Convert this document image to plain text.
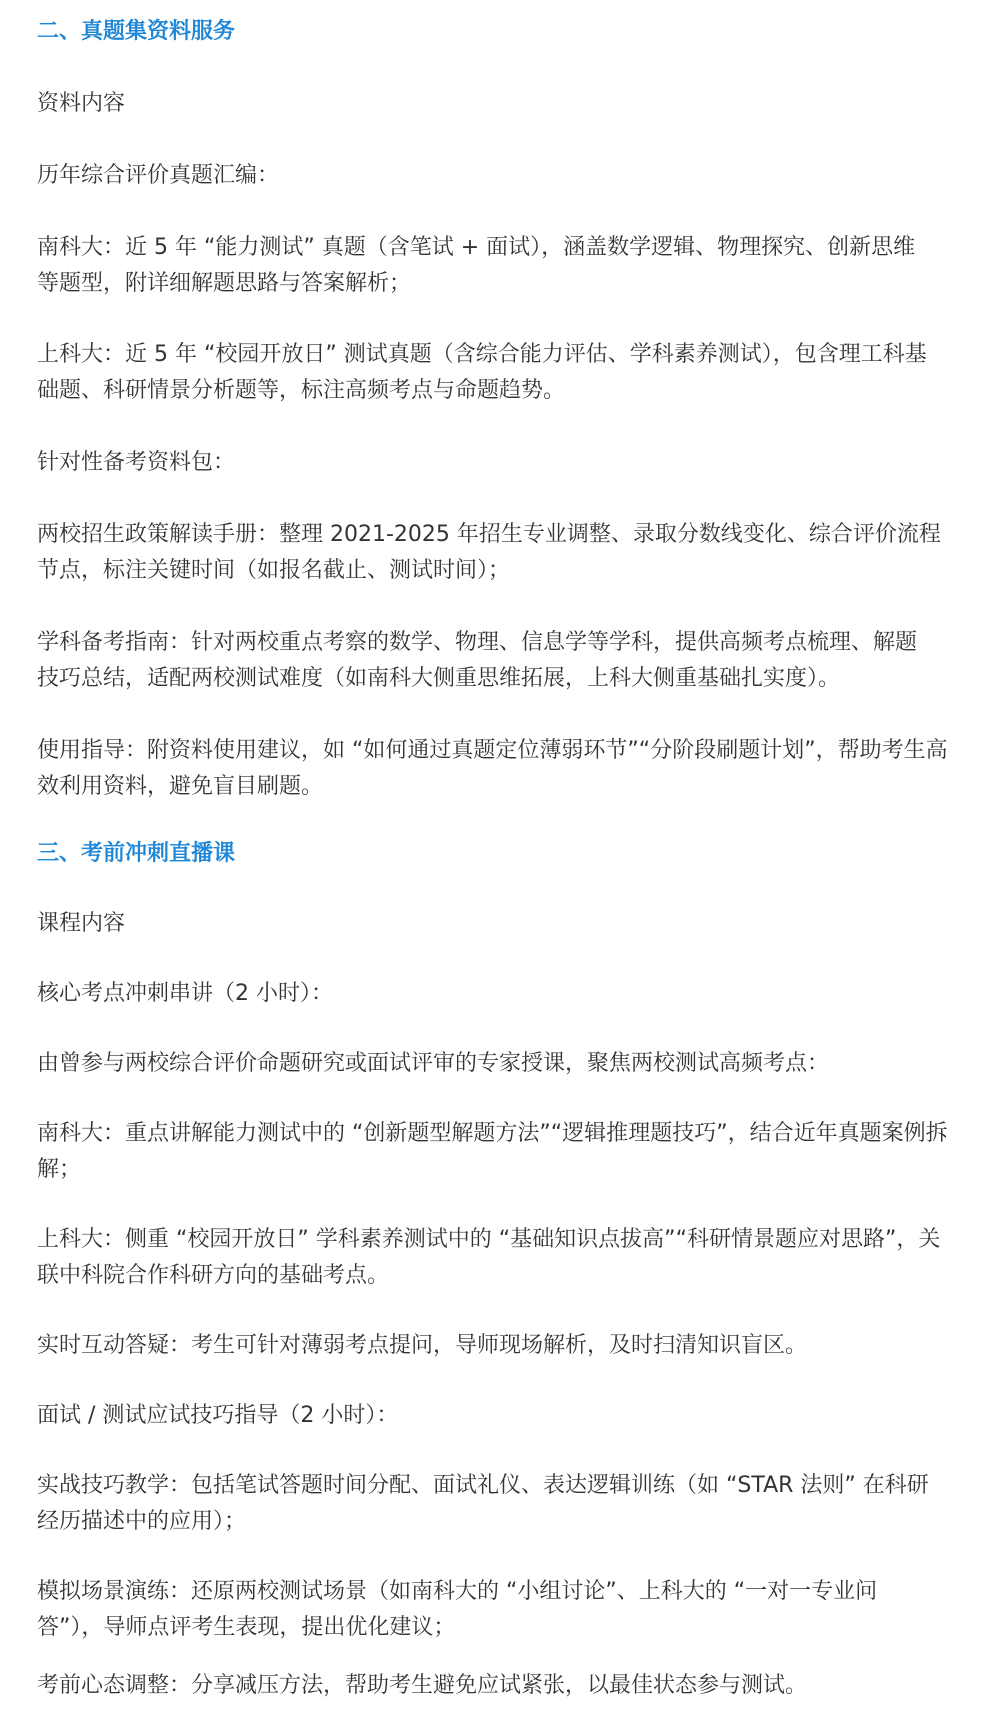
二、真题集资料服务
资料内容
历年综合评价真题汇编：
南科大：近 5 年 “能力测试” 真题（含笔试 + 面试），涵盖数学逻辑、物理探究、创新思维
等题型，附详细解题思路与答案解析；
上科大：近 5 年 “校园开放日” 测试真题（含综合能力评估、学科素养测试），包含理工科基
础题、科研情景分析题等，标注高频考点与命题趋势。
针对性备考资料包：
两校招生政策解读手册：整理 2021-2025 年招生专业调整、录取分数线变化、综合评价流程
节点，标注关键时间（如报名截止、测试时间）；
学科备考指南：针对两校重点考察的数学、物理、信息学等学科，提供高频考点梳理、解题
技巧总结，适配两校测试难度（如南科大侧重思维拓展，上科大侧重基础扎实度）。
使用指导：附资料使用建议，如 “如何通过真题定位薄弱环节”“分阶段刷题计划”，帮助考生高
效利用资料，避免盲目刷题。
三、考前冲刺直播课
课程内容
核心考点冲刺串讲（2 小时）：
由曾参与两校综合评价命题研究或面试评审的专家授课，聚焦两校测试高频考点：
南科大：重点讲解能力测试中的 “创新题型解题方法”“逻辑推理题技巧”，结合近年真题案例拆
解；
上科大：侧重 “校园开放日” 学科素养测试中的 “基础知识点拔高”“科研情景题应对思路”，关
联中科院合作科研方向的基础考点。
实时互动答疑：考生可针对薄弱考点提问，导师现场解析，及时扫清知识盲区。
面试 / 测试应试技巧指导（2 小时）：
实战技巧教学：包括笔试答题时间分配、面试礼仪、表达逻辑训练（如 “STAR 法则” 在科研
经历描述中的应用）；
模拟场景演练：还原两校测试场景（如南科大的 “小组讨论”、上科大的 “一对一专业问
答”），导师点评考生表现，提出优化建议；
考前心态调整：分享减压方法，帮助考生避免应试紧张，以最佳状态参与测试。
